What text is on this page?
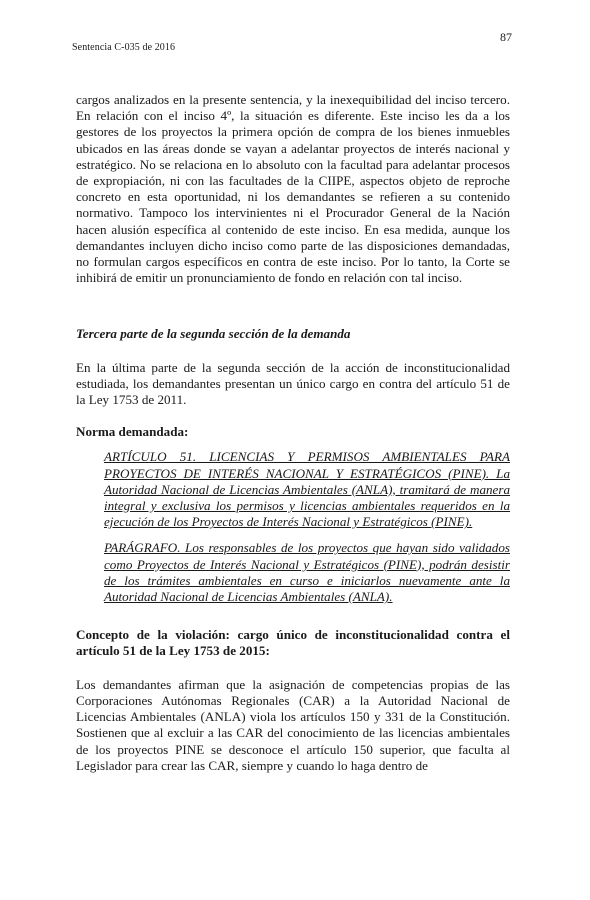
Sentencia C-035 de 2016
87

cargos analizados en la presente sentencia, y la inexequibilidad del inciso tercero. En relación con el inciso 4º, la situación es diferente. Este inciso les da a los gestores de los proyectos la primera opción de compra de los bienes inmuebles ubicados en las áreas donde se vayan a adelantar proyectos de interés nacional y estratégico. No se relaciona en lo absoluto con la facultad para adelantar procesos de expropiación, ni con las facultades de la CIIPE, aspectos objeto de reproche concreto en esta oportunidad, ni los demandantes se refieren a su contenido normativo. Tampoco los intervinientes ni el Procurador General de la Nación hacen alusión específica al contenido de este inciso. En esa medida, aunque los demandantes incluyen dicho inciso como parte de las disposiciones demandadas, no formulan cargos específicos en contra de este inciso. Por lo tanto, la Corte se inhibirá de emitir un pronunciamiento de fondo en relación con tal inciso.

Tercera parte de la segunda sección de la demanda

En la última parte de la segunda sección de la acción de inconstitucionalidad estudiada, los demandantes presentan un único cargo en contra del artículo 51 de la Ley 1753 de 2011.

Norma demandada:

ARTÍCULO 51. LICENCIAS Y PERMISOS AMBIENTALES PARA PROYECTOS DE INTERÉS NACIONAL Y ESTRATÉGICOS (PINE). La Autoridad Nacional de Licencias Ambientales (ANLA), tramitará de manera integral y exclusiva los permisos y licencias ambientales requeridos en la ejecución de los Proyectos de Interés Nacional y Estratégicos (PINE).

PARÁGRAFO. Los responsables de los proyectos que hayan sido validados como Proyectos de Interés Nacional y Estratégicos (PINE), podrán desistir de los trámites ambientales en curso e iniciarlos nuevamente ante la Autoridad Nacional de Licencias Ambientales (ANLA).

Concepto de la violación: cargo único de inconstitucionalidad contra el artículo 51 de la Ley 1753 de 2015:

Los demandantes afirman que la asignación de competencias propias de las Corporaciones Autónomas Regionales (CAR) a la Autoridad Nacional de Licencias Ambientales (ANLA) viola los artículos 150 y 331 de la Constitución. Sostienen que al excluir a las CAR del conocimiento de las licencias ambientales de los proyectos PINE se desconoce el artículo 150 superior, que faculta al Legislador para crear las CAR, siempre y cuando lo haga dentro de
